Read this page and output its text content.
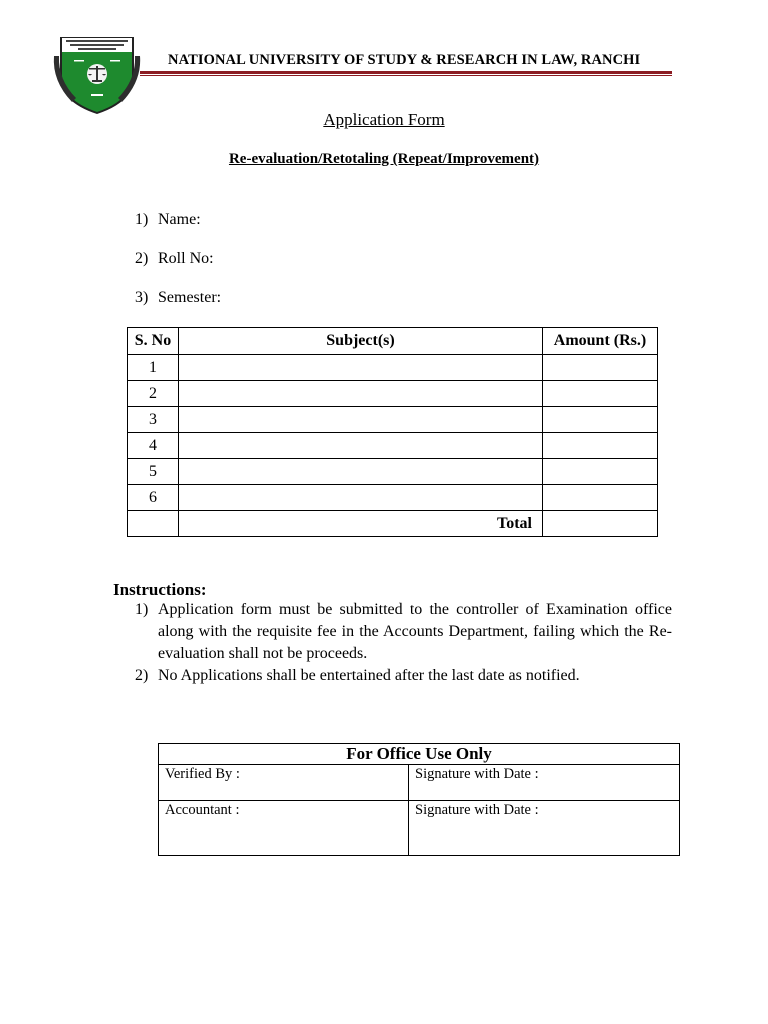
NATIONAL UNIVERSITY OF STUDY & RESEARCH IN LAW, RANCHI
Application Form
Re-evaluation/Retotaling (Repeat/Improvement)
1) Name:
2) Roll No:
3) Semester:
S. No	Subject(s)	Amount (Rs.)
1		
2		
3		
4		
5		
6		
	Total	
Instructions:
1) Application form must be submitted to the controller of Examination office along with the requisite fee in the Accounts Department, failing which the Re-evaluation shall not be proceeds.
2) No Applications shall be entertained after the last date as notified.
For Office Use Only	
Verified By :	Signature with Date :
Accountant :	Signature with Date :
